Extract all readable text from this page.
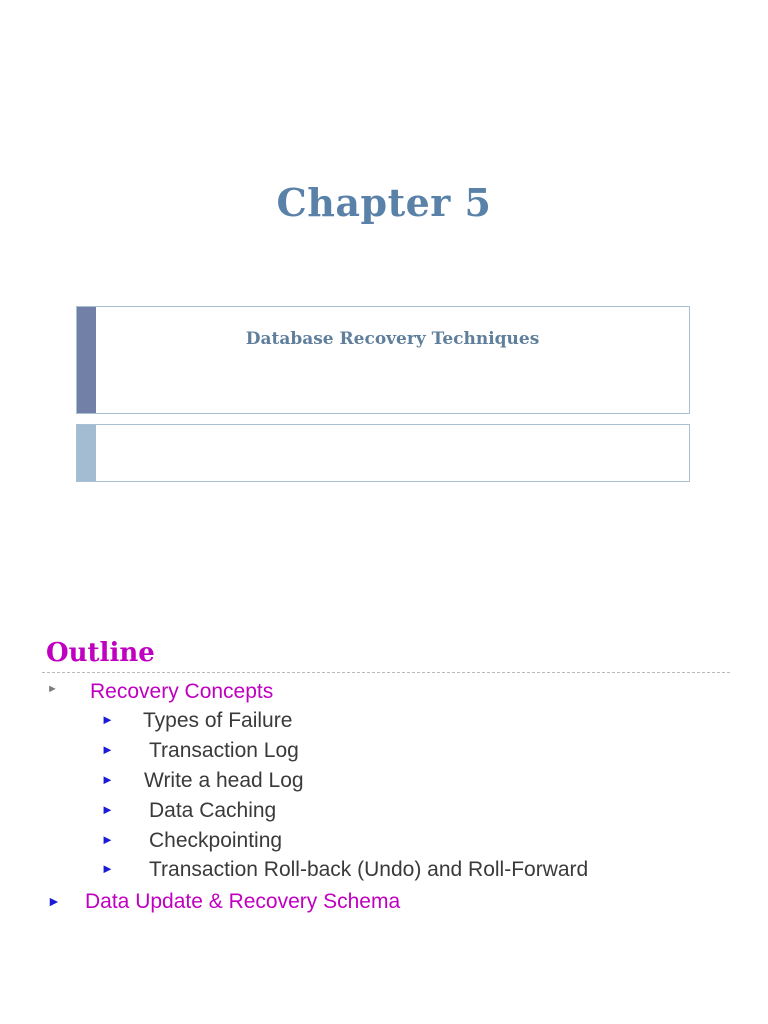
Chapter 5
Database Recovery Techniques
Outline
► Recovery Concepts
► Types of Failure
► Transaction Log
► Write a head Log
► Data Caching
► Checkpointing
► Transaction Roll-back (Undo) and Roll-Forward
► Data Update & Recovery Schema
